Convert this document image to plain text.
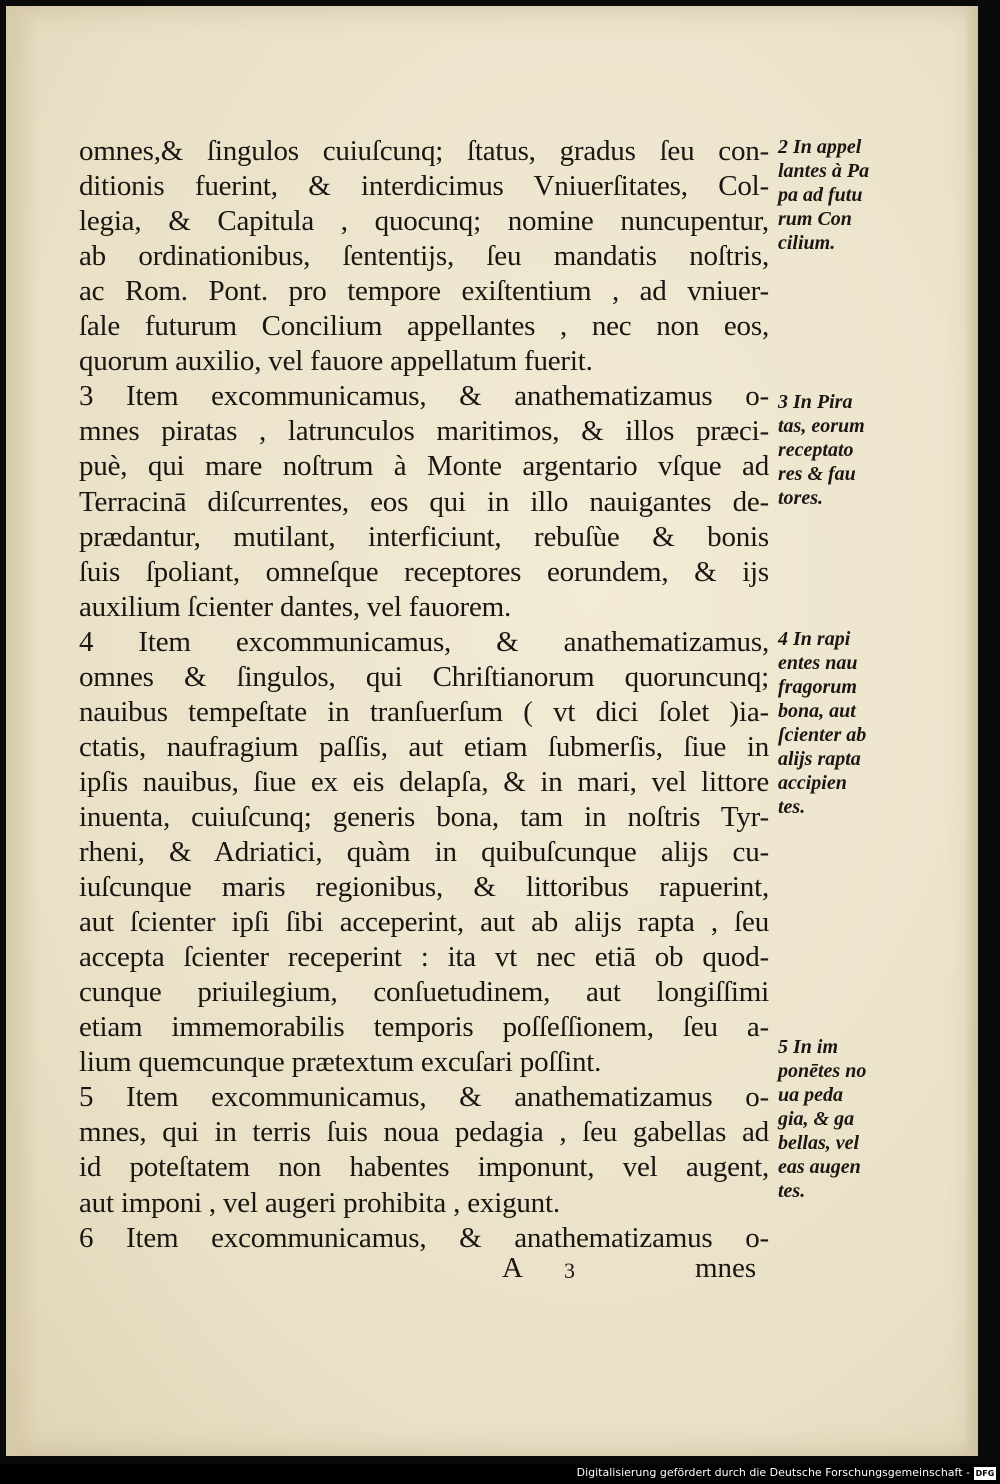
omnes,& ſingulos cuiuſcunq; ſtatus, gradus ſeu con-
ditionis fuerint, & interdicimus Vniuerſitates, Col-
legia, & Capitula , quocunq; nomine nuncupentur,
ab ordinationibus, ſententijs, ſeu mandatis noſtris,
ac Rom. Pont. pro tempore exiſtentium , ad vniuer-
ſale futurum Concilium appellantes , nec non eos,
quorum auxilio, vel fauore appellatum fuerit.
3 Item excommunicamus, & anathematizamus o-
mnes piratas , latrunculos maritimos, & illos præci-
puè, qui mare noſtrum à Monte argentario vſque ad
Terracinā diſcurrentes, eos qui in illo nauigantes de-
prædantur, mutilant, interficiunt, rebuſùe & bonis
ſuis ſpoliant, omneſque receptores eorundem, & ijs
auxilium ſcienter dantes, vel fauorem.
4 Item excommunicamus, & anathematizamus,
omnes & ſingulos, qui Chriſtianorum quoruncunq;
nauibus tempeſtate in tranſuerſum ( vt dici ſolet )ia-
ctatis, naufragium paſſis, aut etiam ſubmerſis, ſiue in
ipſis nauibus, ſiue ex eis delapſa, & in mari, vel littore
inuenta, cuiuſcunq; generis bona, tam in noſtris Tyr-
rheni, & Adriatici, quàm in quibuſcunque alijs cu-
iuſcunque maris regionibus, & littoribus rapuerint,
aut ſcienter ipſi ſibi acceperint, aut ab alijs rapta , ſeu
accepta ſcienter receperint : ita vt nec etiā ob quod-
cunque priuilegium, conſuetudinem, aut longiſſimi
etiam immemorabilis temporis poſſeſſionem, ſeu a-
lium quemcunque prætextum excuſari poſſint.
5 Item excommunicamus, & anathematizamus o-
mnes, qui in terris ſuis noua pedagia , ſeu gabellas ad
id poteſtatem non habentes imponunt, vel augent,
aut imponi , vel augeri prohibita , exigunt.
6 Item excommunicamus, & anathematizamus o-
2 In appel
lantes à Pa
pa ad futu
rum Con
cilium.
3 In Pira
tas, eorum
receptato
res & fau
tores.
4 In rapi
entes nau
fragorum
bona, aut
ſcienter ab
alijs rapta
accipien
tes.
5 In im
ponētes no
ua peda
gia, & ga
bellas, vel
eas augen
tes.
A 3	mnes
Digitalisierung gefördert durch die Deutsche Forschungsgemeinschaft - DFG
